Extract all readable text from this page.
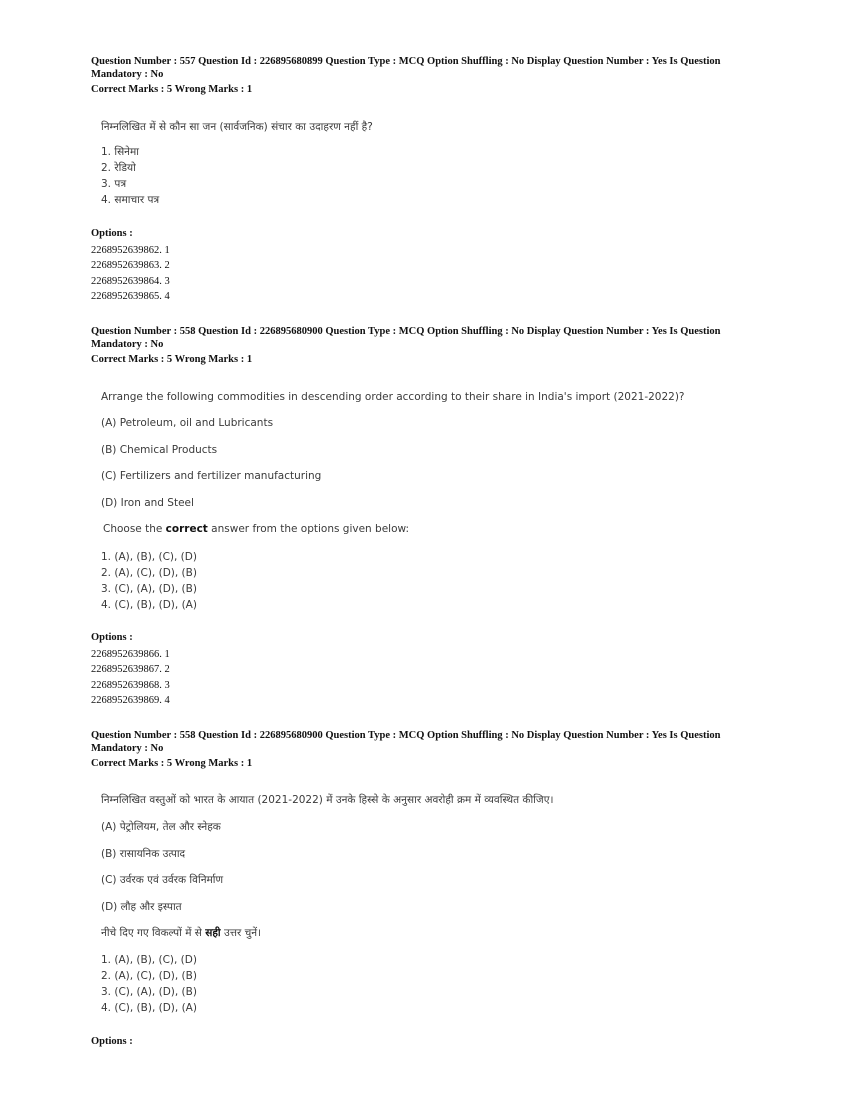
Question Number : 557 Question Id : 226895680899 Question Type : MCQ Option Shuffling : No Display Question Number : Yes Is Question

Mandatory : No

Correct Marks : 5 Wrong Marks : 1

निम्नलिखित में से कौन सा जन (सार्वजनिक) संचार का उदाहरण नहीं है?

1. सिनेमा
2. रेडियो
3. पत्र
4. समाचार पत्र

Options :

2268952639862. 1
2268952639863. 2
2268952639864. 3
2268952639865. 4

Question Number : 558 Question Id : 226895680900 Question Type : MCQ Option Shuffling : No Display Question Number : Yes Is Question

Mandatory : No

Correct Marks : 5 Wrong Marks : 1

Arrange the following commodities in descending order according to their share in India's import (2021-2022)?

(A) Petroleum, oil and Lubricants

(B) Chemical Products

(C) Fertilizers and fertilizer manufacturing

(D) Iron and Steel

Choose the correct answer from the options given below:

1. (A), (B), (C), (D)
2. (A), (C), (D), (B)
3. (C), (A), (D), (B)
4. (C), (B), (D), (A)

Options :

2268952639866. 1
2268952639867. 2
2268952639868. 3
2268952639869. 4

Question Number : 558 Question Id : 226895680900 Question Type : MCQ Option Shuffling : No Display Question Number : Yes Is Question

Mandatory : No

Correct Marks : 5 Wrong Marks : 1

निम्नलिखित वस्तुओं को भारत के आयात (2021-2022) में उनके हिस्से के अनुसार अवरोही क्रम में व्यवस्थित कीजिए।

(A) पेट्रोलियम, तेल और स्नेहक

(B) रासायनिक उत्पाद

(C) उर्वरक एवं उर्वरक विनिर्माण

(D) लौह और इस्पात

नीचे दिए गए विकल्पों में से सही उत्तर चुनें।

1. (A), (B), (C), (D)
2. (A), (C), (D), (B)
3. (C), (A), (D), (B)
4. (C), (B), (D), (A)

Options :
